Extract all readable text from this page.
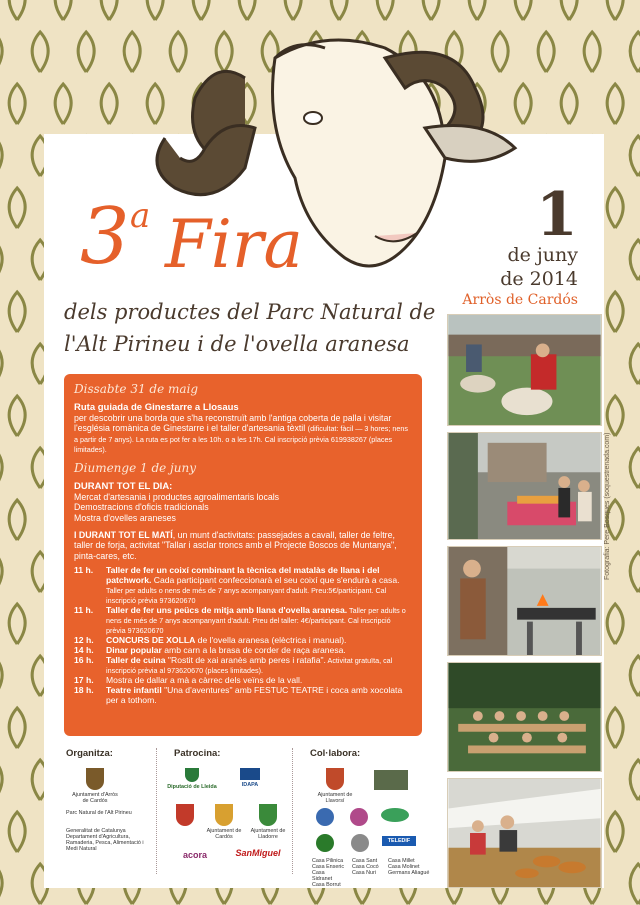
1
de juny
de 2014
Arròs de Cardós
3 a Fira
dels productes del Parc Natural de
l'Alt Pirineu i de l'ovella aranesa
Dissabte 31 de maig
Ruta guiada de Ginestarre a Llosaus
per descobrir una borda que s'ha reconstruït amb l'antiga coberta de palla i visitar l'església romànica de Ginestarre i el taller d'artesania tèxtil (dificultat: fàcil — 3 hores; nens a partir de 7 anys). La ruta es pot fer a les 10h. o a les 17h. Cal inscripció prèvia 619938267 (places limitades).
Diumenge 1 de juny
DURANT TOT EL DIA:
Mercat d'artesania i productes agroalimentaris locals
Demostracions d'oficis tradicionals
Mostra d'ovelles araneses
I DURANT TOT EL MATÍ, un munt d'activitats: passejades a cavall, taller de feltre, taller de forja, activitat "Tallar i asclar troncs amb el Projecte Boscos de Muntanya", pinta-cares, etc.
11 h.	Taller de fer un coixí combinant la tècnica del matalàs de llana i del patchwork. Cada participant confeccionarà el seu coixí que s'endurà a casa. Taller per adults o nens de més de 7 anys acompanyant d'adult. Preu:5€/participant. Cal inscripció prèvia 973620670
11 h.	Taller de fer uns peücs de mitja amb llana d'ovella aranesa. Taller per adults o nens de més de 7 anys acompanyant d'adult. Preu del taller: 4€/participant. Cal inscripció prèvia 973620670
12 h.	CONCURS DE XOLLA de l'ovella aranesa (elèctrica i manual).
14 h.	Dinar popular amb carn a la brasa de corder de raça aranesa.
16 h.	Taller de cuina "Rostit de xai aranès amb peres i ratafia". Activitat gratuïta, cal inscripció prèvia al 973620670 (places limitades).
17 h.	Mostra de dallar a mà a càrrec dels veïns de la vall.
18 h.	Teatre infantil "Una d'aventures" amb FESTUC TEATRE i coca amb xocolata per a tothom.
Fotografia: Pere Bosques (soquestrenada.com)
Organitza:	Patrocina:	Col·labora:
Ajuntament d'Arròs de Cardós
Parc Natural de l'Alt Pirineu
Generalitat de Catalunya Departament d'Agricultura, Ramaderia, Pesca, Alimentació i Medi Natural
Diputació de Lleida	IDAPA
Ajuntament de Cardós
Ajuntament de Lladorre
acora	SanMiguel
Ajuntament de Llavorsí
TELEDIF
Casa Pilinica
Casa Enseric
Casa Sidranet
Casa Borrut
Casa Sant
Casa Cocó
Casa Nuri
Casa Millet
Casa Molinet
Germans Aliagué
